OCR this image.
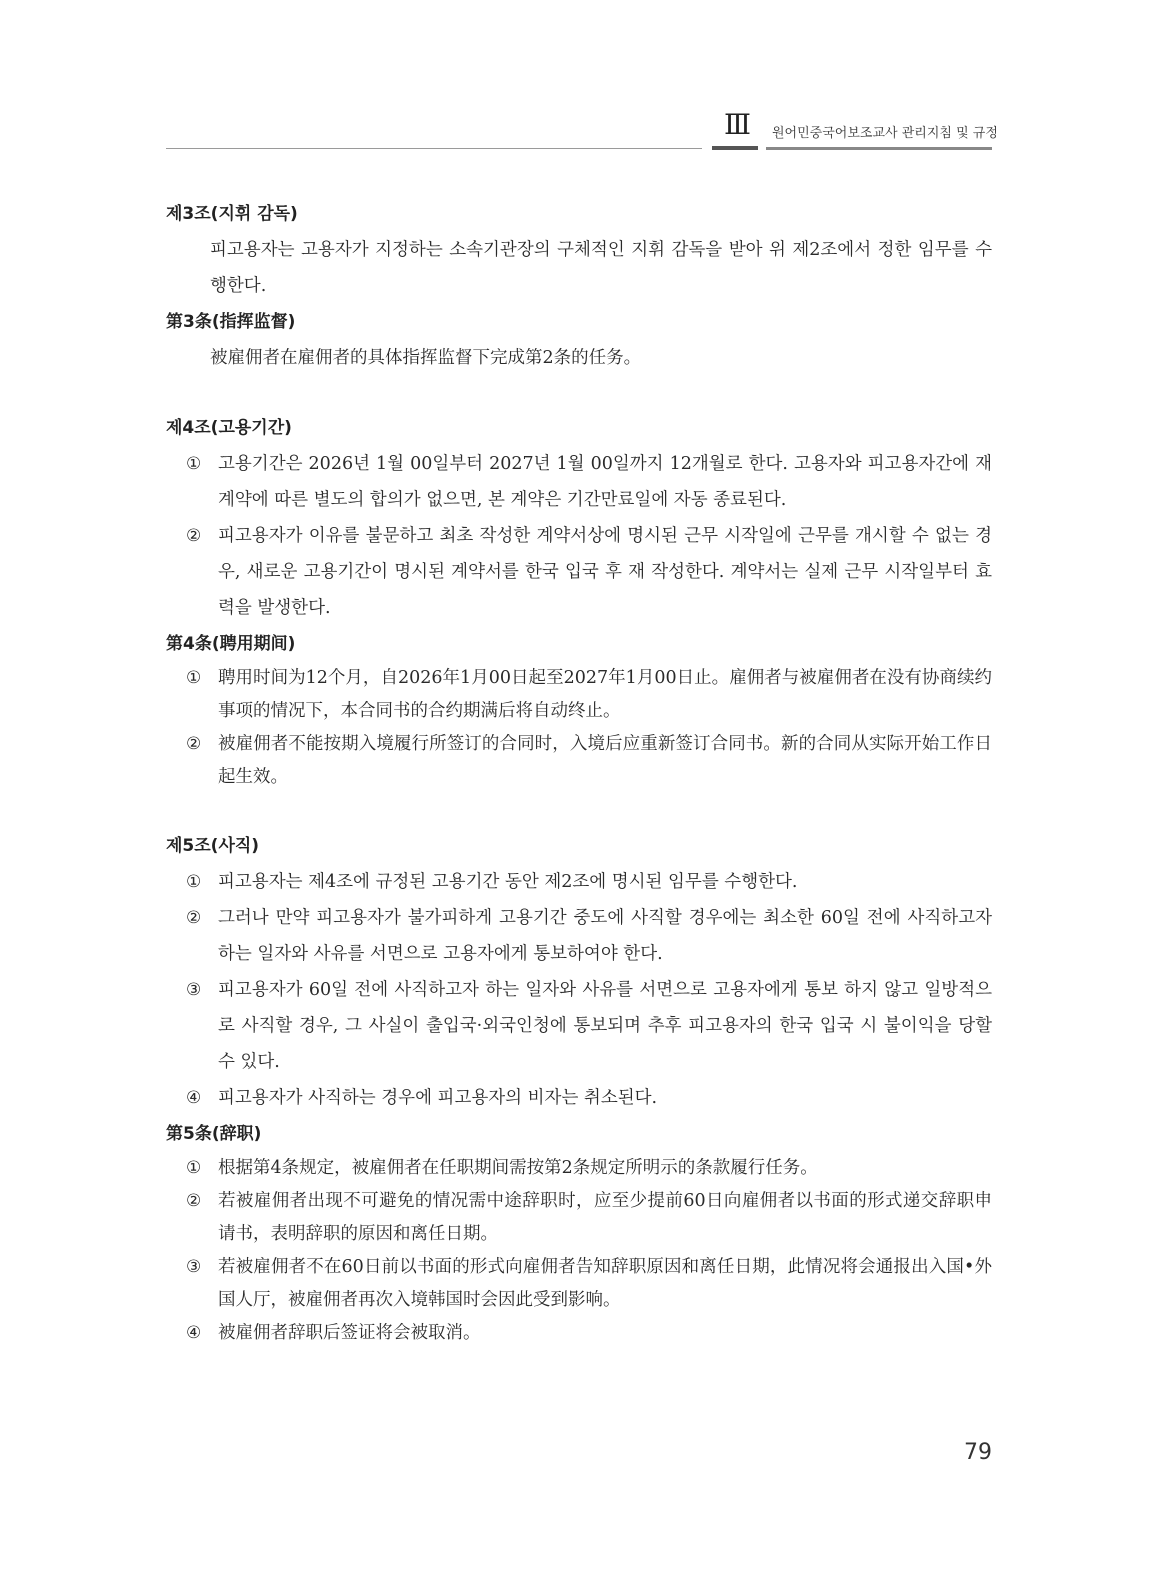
Ⅲ	원어민중국어보조교사 관리지침 및 규정

제3조(지휘 감독)

피고용자는 고용자가 지정하는 소속기관장의 구체적인 지휘 감독을 받아 위 제2조에서 정한 임무를 수행한다.

第3条(指挥监督)

被雇佣者在雇佣者的具体指挥监督下完成第2条的任务。

제4조(고용기간)

① 고용기간은 2026년 1월 00일부터 2027년 1월 00일까지 12개월로 한다. 고용자와 피고용자간에 재계약에 따른 별도의 합의가 없으면, 본 계약은 기간만료일에 자동 종료된다.

② 피고용자가 이유를 불문하고 최초 작성한 계약서상에 명시된 근무 시작일에 근무를 개시할 수 없는 경우, 새로운 고용기간이 명시된 계약서를 한국 입국 후 재 작성한다. 계약서는 실제 근무 시작일부터 효력을 발생한다.

第4条(聘用期间)

① 聘用时间为12个月，自2026年1月00日起至2027年1月00日止。雇佣者与被雇佣者在没有协商续约事项的情况下，本合同书的合约期满后将自动终止。

② 被雇佣者不能按期入境履行所签订的合同时，入境后应重新签订合同书。新的合同从实际开始工作日起生效。

제5조(사직)

① 피고용자는 제4조에 규정된 고용기간 동안 제2조에 명시된 임무를 수행한다.

② 그러나 만약 피고용자가 불가피하게 고용기간 중도에 사직할 경우에는 최소한 60일 전에 사직하고자 하는 일자와 사유를 서면으로 고용자에게 통보하여야 한다.

③ 피고용자가 60일 전에 사직하고자 하는 일자와 사유를 서면으로 고용자에게 통보 하지 않고 일방적으로 사직할 경우, 그 사실이 출입국·외국인청에 통보되며 추후 피고용자의 한국 입국 시 불이익을 당할 수 있다.

④ 피고용자가 사직하는 경우에 피고용자의 비자는 취소된다.

第5条(辞职)

① 根据第4条规定，被雇佣者在任职期间需按第2条规定所明示的条款履行任务。

② 若被雇佣者出现不可避免的情况需中途辞职时，应至少提前60日向雇佣者以书面的形式递交辞职申请书，表明辞职的原因和离任日期。

③ 若被雇佣者不在60日前以书面的形式向雇佣者告知辞职原因和离任日期，此情况将会通报出入国•外国人厅，被雇佣者再次入境韩国时会因此受到影响。

④ 被雇佣者辞职后签证将会被取消。

79
